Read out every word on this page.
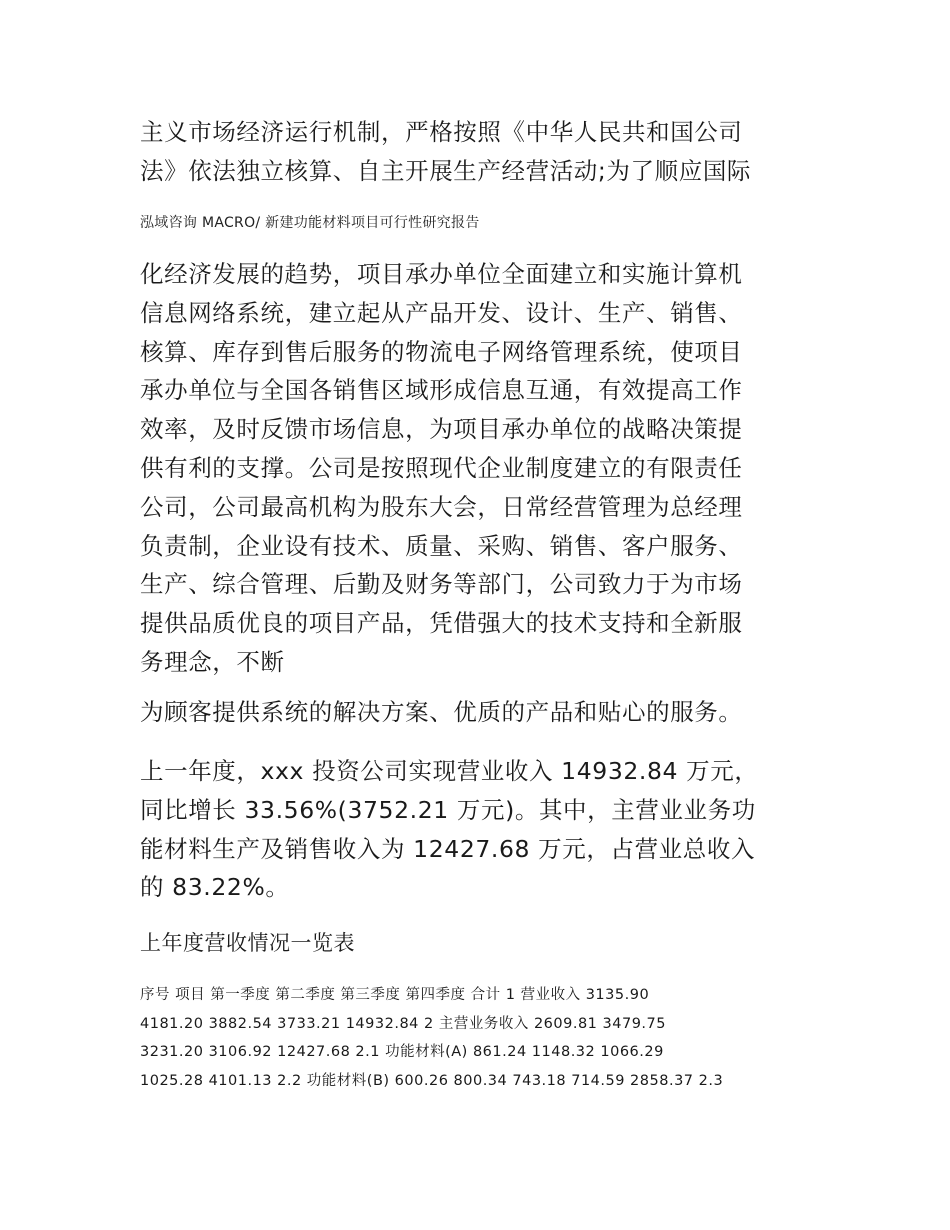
主义市场经济运行机制，严格按照《中华人民共和国公司
法》依法独立核算、自主开展生产经营活动;为了顺应国际
泓域咨询 MACRO/ 新建功能材料项目可行性研究报告
化经济发展的趋势，项目承办单位全面建立和实施计算机
信息网络系统，建立起从产品开发、设计、生产、销售、
核算、库存到售后服务的物流电子网络管理系统，使项目
承办单位与全国各销售区域形成信息互通，有效提高工作
效率，及时反馈市场信息，为项目承办单位的战略决策提
供有利的支撑。公司是按照现代企业制度建立的有限责任
公司，公司最高机构为股东大会，日常经营管理为总经理
负责制，企业设有技术、质量、采购、销售、客户服务、
生产、综合管理、后勤及财务等部门，公司致力于为市场
提供品质优良的项目产品，凭借强大的技术支持和全新服
务理念，不断
为顾客提供系统的解决方案、优质的产品和贴心的服务。
上一年度，xxx 投资公司实现营业收入 14932.84 万元，
同比增长 33.56%(3752.21 万元)。其中，主营业业务功
能材料生产及销售收入为 12427.68 万元，占营业总收入
的 83.22%。
上年度营收情况一览表
序号 项目 第一季度 第二季度 第三季度 第四季度 合计 1 营业收入 3135.90
4181.20 3882.54 3733.21 14932.84 2 主营业务收入 2609.81 3479.75
3231.20 3106.92 12427.68 2.1 功能材料(A) 861.24 1148.32 1066.29
1025.28 4101.13 2.2 功能材料(B) 600.26 800.34 743.18 714.59 2858.37 2.3
